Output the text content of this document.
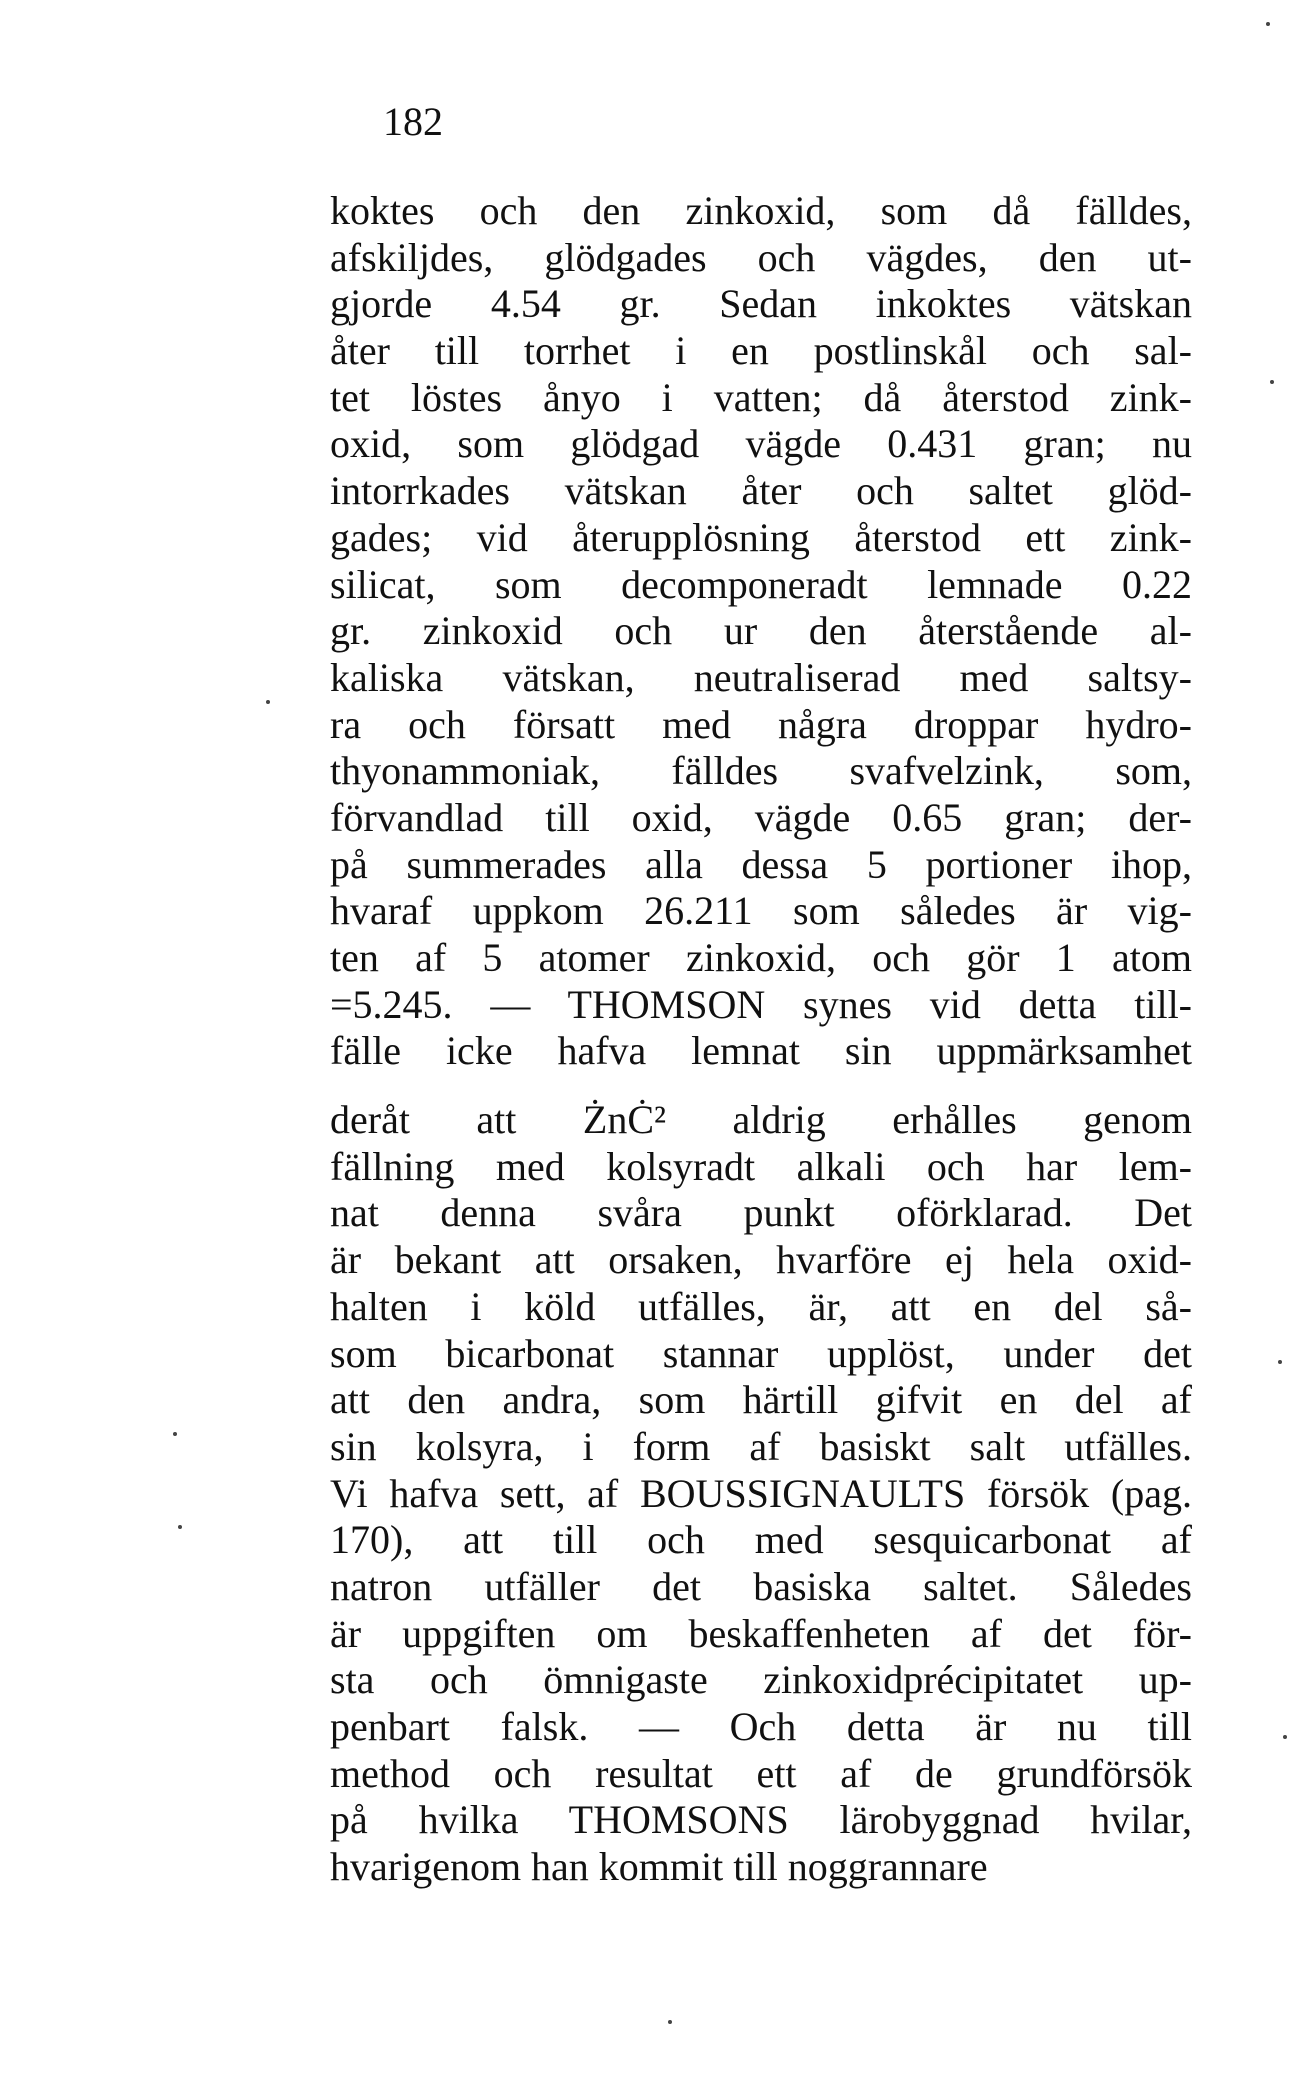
182
koktes och den zinkoxid, som då fälldes,
afskiljdes, glödgades och vägdes, den ut-
gjorde 4.54 gr. Sedan inkoktes vätskan
åter till torrhet i en postlinskål och sal-
tet löstes ånyo i vatten; då återstod zink-
oxid, som glödgad vägde 0.431 gran; nu
intorrkades vätskan åter och saltet glöd-
gades; vid återupplösning återstod ett zink-
silicat, som decomponeradt lemnade 0.22
gr. zinkoxid och ur den återstående al-
kaliska vätskan, neutraliserad med saltsy-
ra och försatt med några droppar hydro-
thyonammoniak, fälldes svafvelzink, som,
förvandlad till oxid, vägde 0.65 gran; der-
på summerades alla dessa 5 portioner ihop,
hvaraf uppkom 26.211 som således är vig-
ten af 5 atomer zinkoxid, och gör 1 atom
=5.245. — THOMSON synes vid detta till-
fälle icke hafva lemnat sin uppmärksamhet
deråt att ŻnĊ² aldrig erhålles genom
fällning med kolsyradt alkali och har lem-
nat denna svåra punkt oförklarad. Det
är bekant att orsaken, hvarföre ej hela oxid-
halten i köld utfälles, är, att en del så-
som bicarbonat stannar upplöst, under det
att den andra, som härtill gifvit en del af
sin kolsyra, i form af basiskt salt utfälles.
Vi hafva sett, af BOUSSIGNAULTS försök (pag.
170), att till och med sesquicarbonat af
natron utfäller det basiska saltet. Således
är uppgiften om beskaffenheten af det för-
sta och ömnigaste zinkoxidprécipitatet up-
penbart falsk. — Och detta är nu till
method och resultat ett af de grundförsök
på hvilka THOMSONS lärobyggnad hvilar,
hvarigenom han kommit till noggrannare
